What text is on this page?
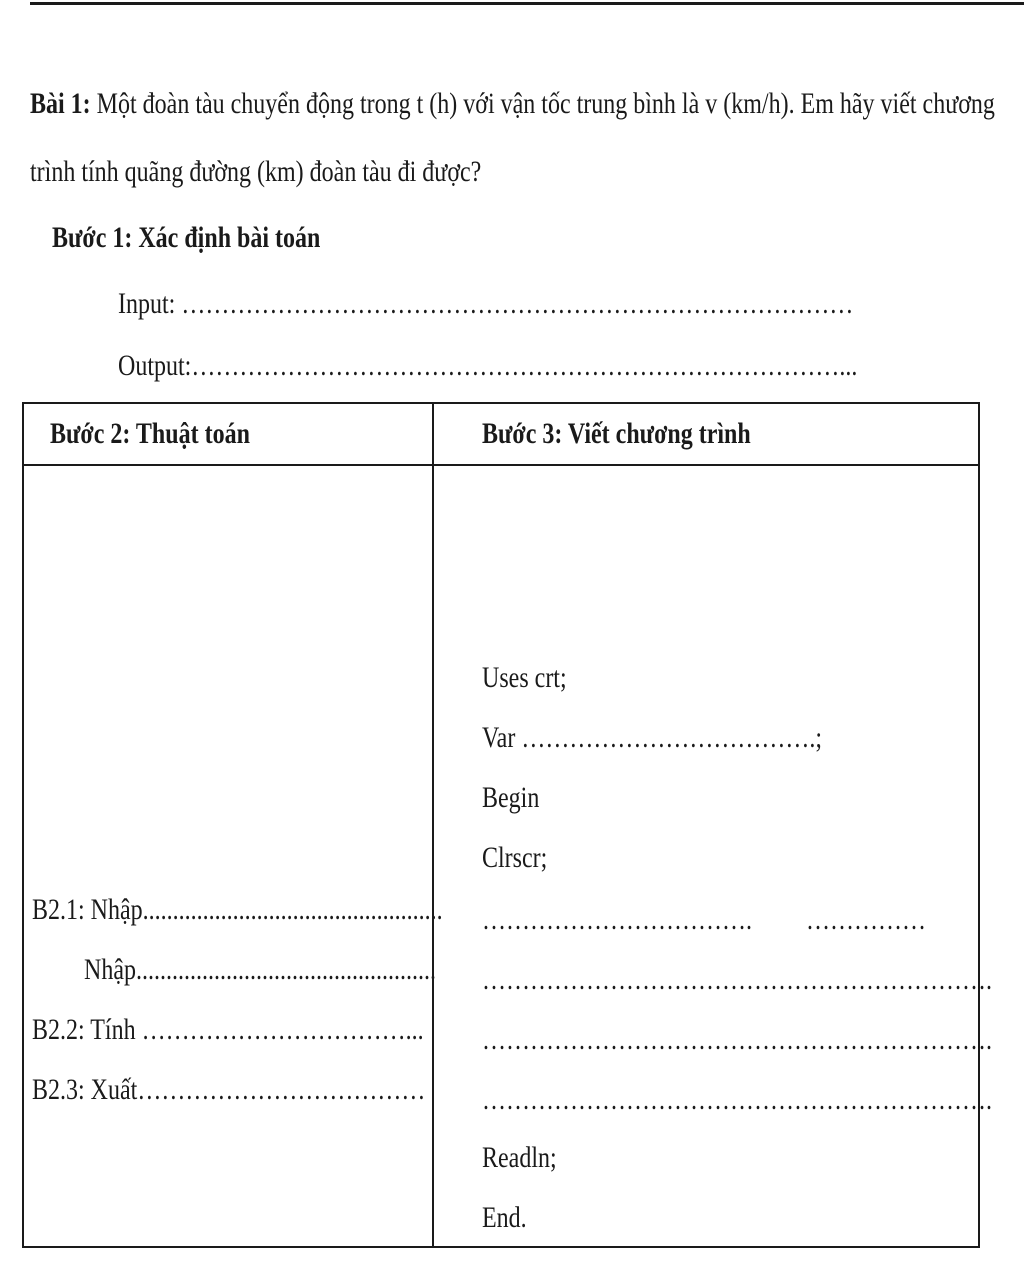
Bài 1: Một đoàn tàu chuyển động trong t (h) với vận tốc trung bình là v (km/h). Em hãy viết chương
trình tính quãng đường (km) đoàn tàu đi được?
Bước 1: Xác định bài toán
Input: …………………………………………………………………………
Output:………………………………………………………………………...
Bước 2: Thuật toán	Bước 3: Viết chương trình
B2.1: Nhập..................................................
Nhập..................................................
B2.2: Tính ……………………………...
B2.3: Xuất………………………………
Uses crt;
Var ……………………………….;
Begin
Clrscr;
……………………………. ……………
……………………………………………………….
……………………………………………………….
……………………………………………………….
Readln;
End.
